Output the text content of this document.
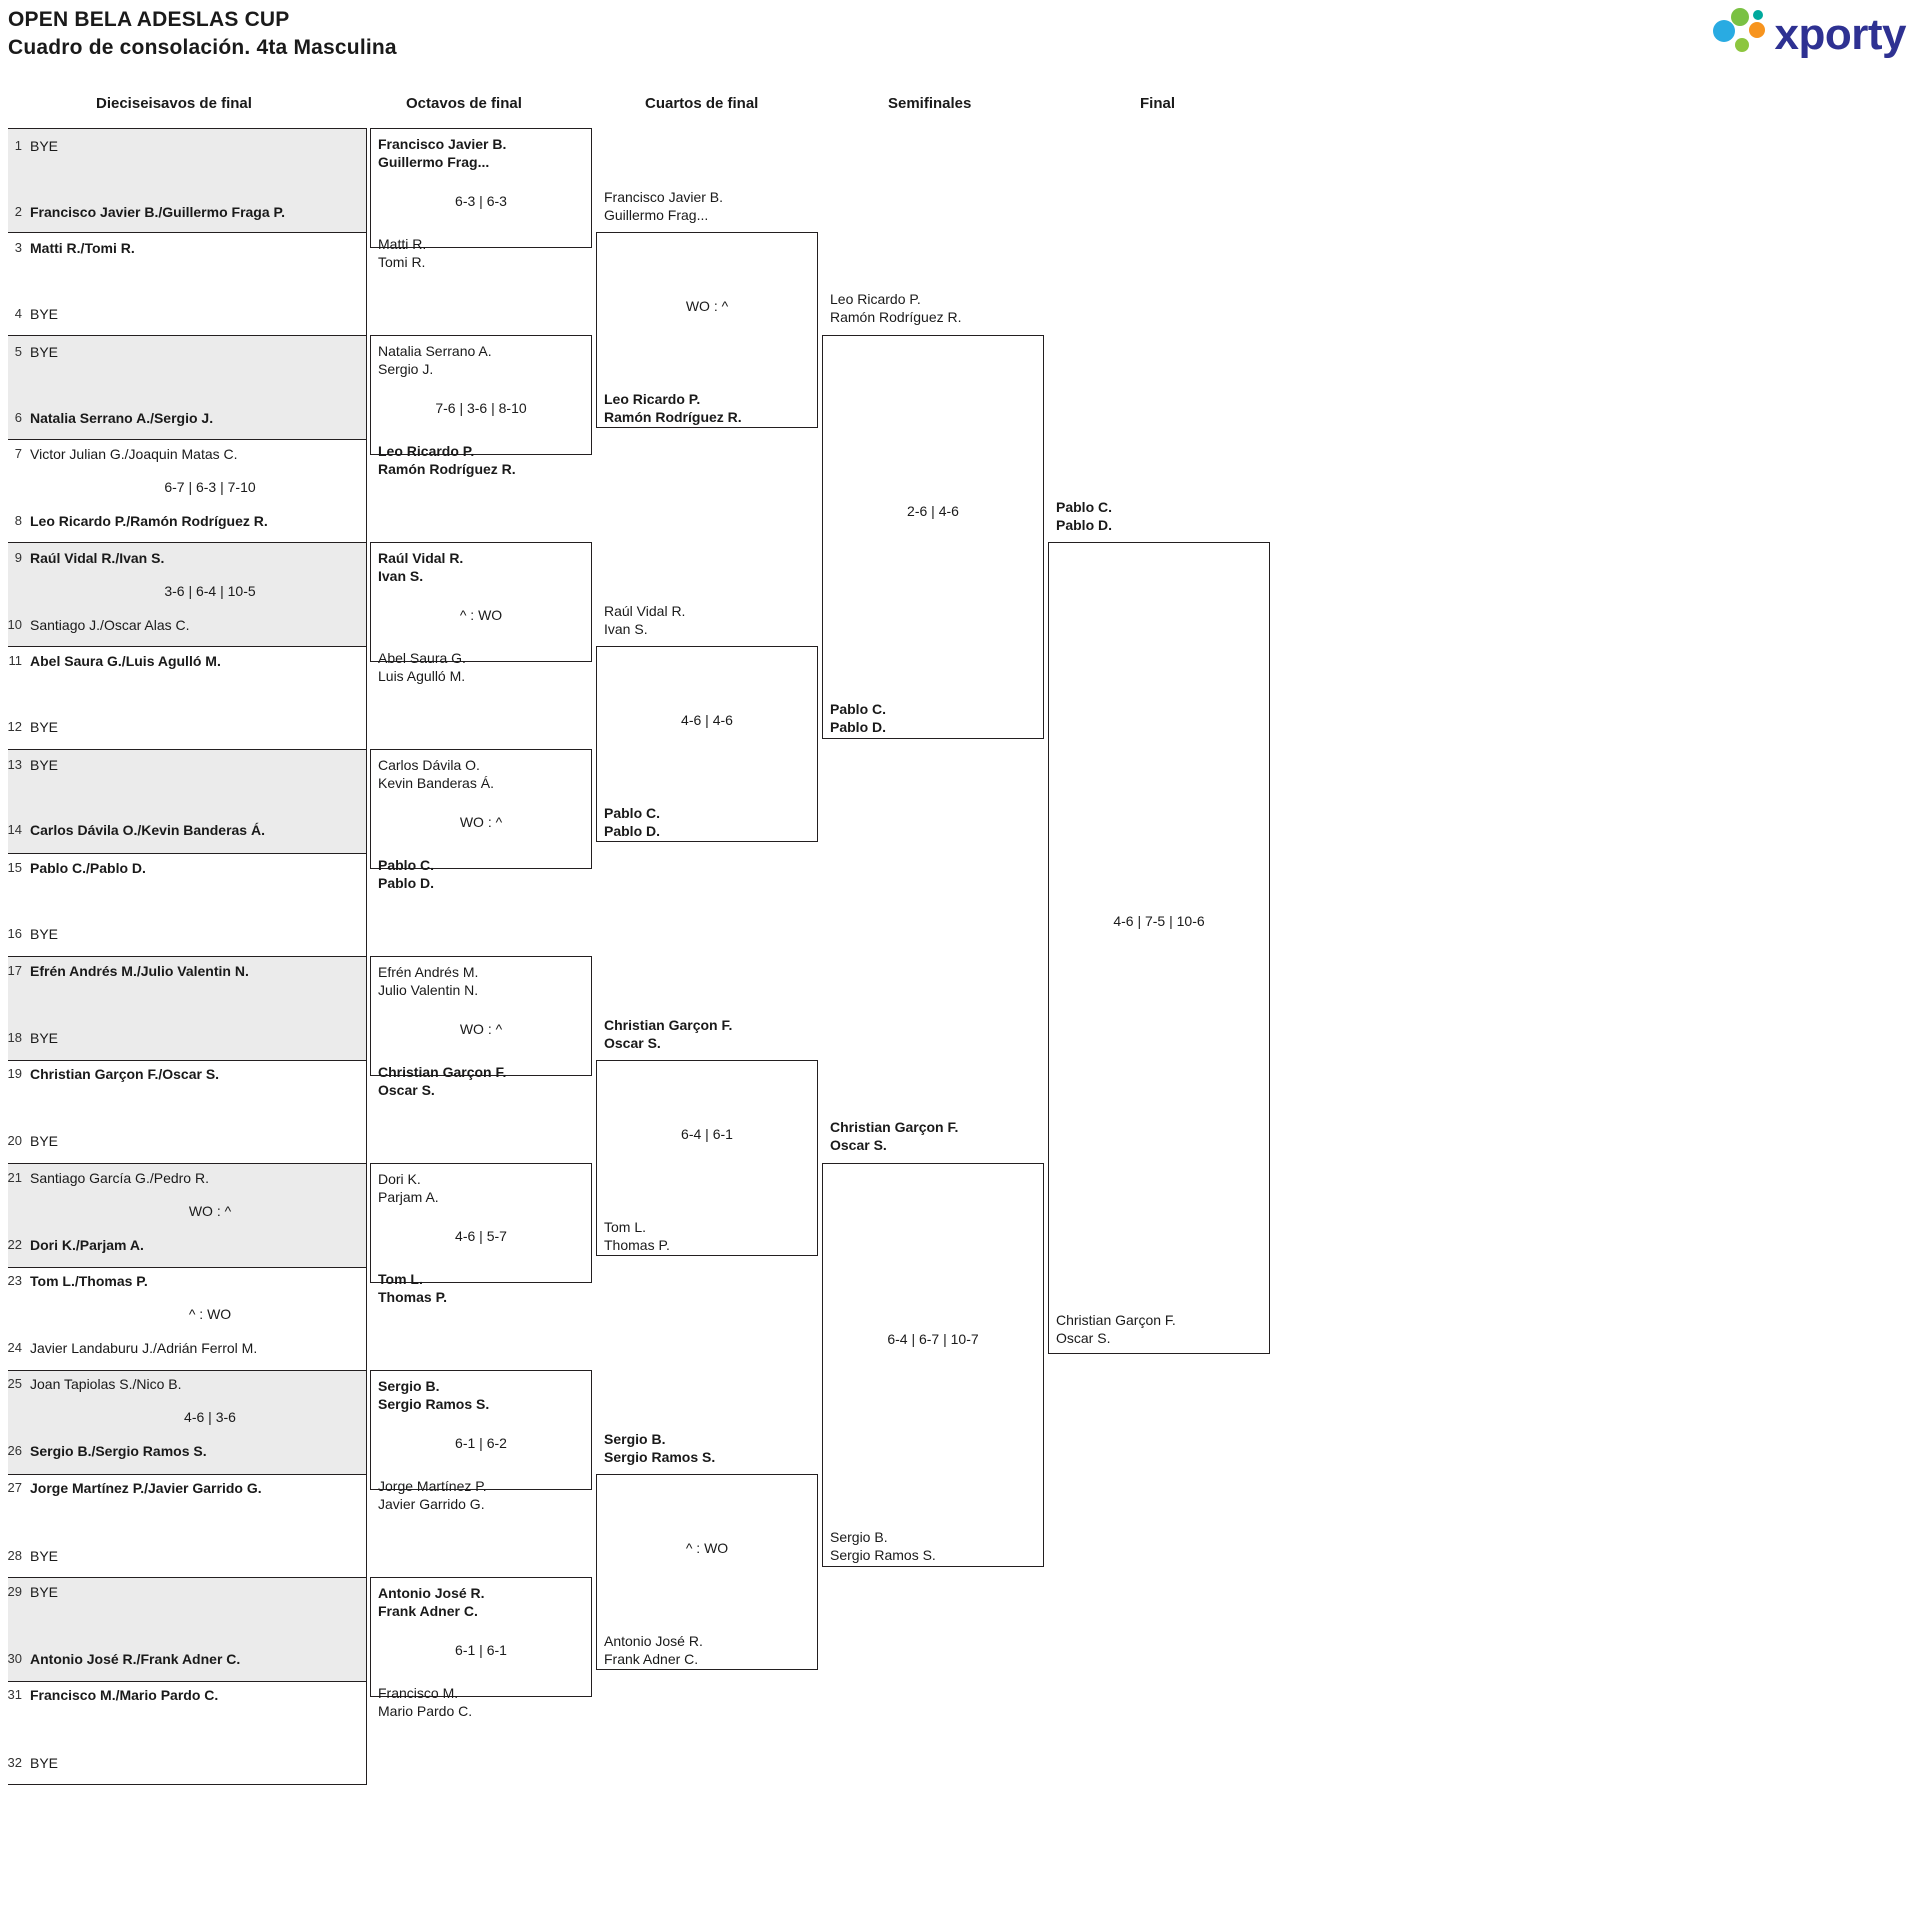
OPEN BELA ADESLAS CUP
Cuadro de consolación. 4ta Masculina	xporty
Dieciseisavos de final	Octavos de final	Cuartos de final	Semifinales	Final
1 BYE
2 Francisco Javier B./Guillermo Fraga P.
3 Matti R./Tomi R.
4 BYE
5 BYE
6 Natalia Serrano A./Sergio J.
7 Victor Julian G./Joaquin Matas C.
6-7 | 6-3 | 7-10
8 Leo Ricardo P./Ramón Rodríguez R.
9 Raúl Vidal R./Ivan S.
3-6 | 6-4 | 10-5
10 Santiago J./Oscar Alas C.
11 Abel Saura G./Luis Agulló M.
12 BYE
13 BYE
14 Carlos Dávila O./Kevin Banderas Á.
15 Pablo C./Pablo D.
16 BYE
17 Efrén Andrés M./Julio Valentin N.
18 BYE
19 Christian Garçon F./Oscar S.
20 BYE
21 Santiago García G./Pedro R.
WO : ^
22 Dori K./Parjam A.
23 Tom L./Thomas P.
^ : WO
24 Javier Landaburu J./Adrián Ferrol M.
25 Joan Tapiolas S./Nico B.
4-6 | 3-6
26 Sergio B./Sergio Ramos S.
27 Jorge Martínez P./Javier Garrido G.
28 BYE
29 BYE
30 Antonio José R./Frank Adner C.
31 Francisco M./Mario Pardo C.
32 BYE
Francisco Javier B.
Guillermo Frag...
6-3 | 6-3
Matti R.
Tomi R.
Natalia Serrano A.
Sergio J.
7-6 | 3-6 | 8-10
Leo Ricardo P.
Ramón Rodríguez R.
Raúl Vidal R.
Ivan S.
^ : WO
Abel Saura G.
Luis Agulló M.
Carlos Dávila O.
Kevin Banderas Á.
WO : ^
Pablo C.
Pablo D.
Efrén Andrés M.
Julio Valentin N.
WO : ^
Christian Garçon F.
Oscar S.
Dori K.
Parjam A.
4-6 | 5-7
Tom L.
Thomas P.
Sergio B.
Sergio Ramos S.
6-1 | 6-2
Jorge Martínez P.
Javier Garrido G.
Antonio José R.
Frank Adner C.
6-1 | 6-1
Francisco M.
Mario Pardo C.
Francisco Javier B.
Guillermo Frag...
WO : ^
Leo Ricardo P.
Ramón Rodríguez R.
Raúl Vidal R.
Ivan S.
4-6 | 4-6
Pablo C.
Pablo D.
Christian Garçon F.
Oscar S.
6-4 | 6-1
Tom L.
Thomas P.
Sergio B.
Sergio Ramos S.
^ : WO
Antonio José R.
Frank Adner C.
Leo Ricardo P.
Ramón Rodríguez R.
2-6 | 4-6
Pablo C.
Pablo D.
Christian Garçon F.
Oscar S.
6-4 | 6-7 | 10-7
Sergio B.
Sergio Ramos S.
Pablo C.
Pablo D.
4-6 | 7-5 | 10-6
Christian Garçon F.
Oscar S.
